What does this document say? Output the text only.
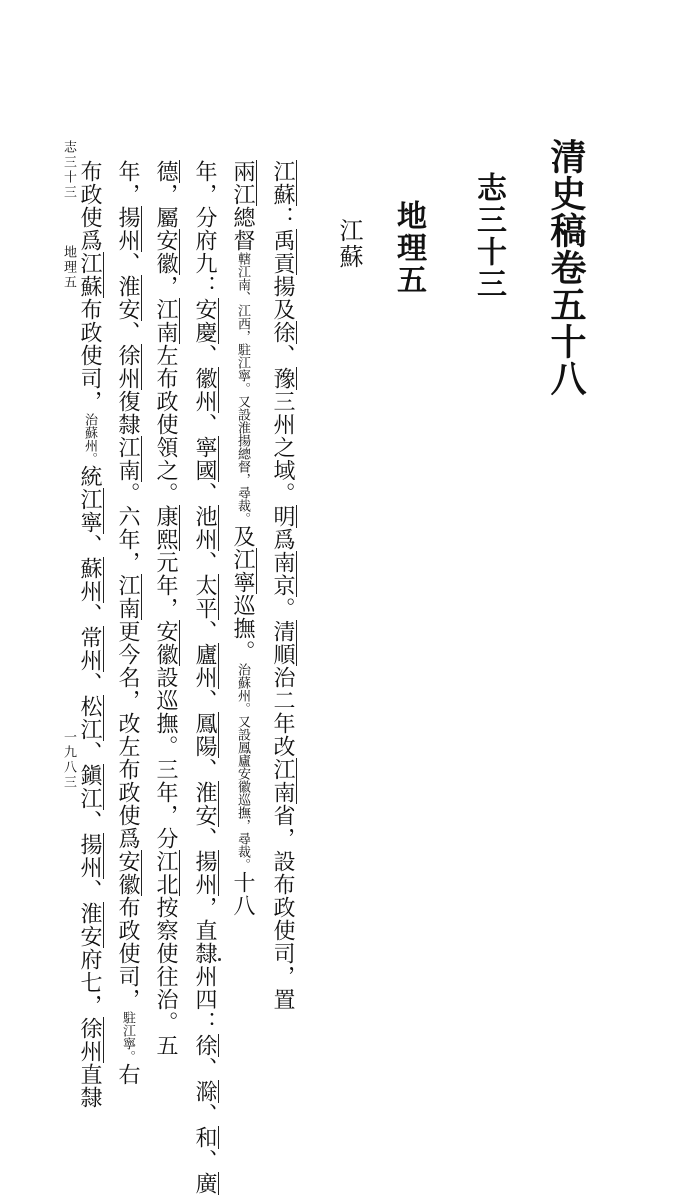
清史稿卷五十八
志三十三
地理五
江蘇
江蘇：禹貢揚及徐、豫三州之域。明爲南京。清順治二年改江南省，設布政使司，置
兩江總督轄江南、江西，駐江寧。又設淮揚總督，尋裁。及江寧巡撫。治蘇州。又設鳳廬安徽巡撫，尋裁。十八
年，分府九：安慶、徽州、寧國、池州、太平、廬州、鳳陽、淮安、揚州，直隸州四：徐、滁、和、廣
德，屬安徽，江南左布政使領之。康熙元年，安徽設巡撫。三年，分江北按察使往治。五
年，揚州、淮安、徐州復隸江南。六年，江南更今名，改左布政使爲安徽布政使司，駐江寧。右
布政使爲江蘇布政使司，治蘇州。統江寧、蘇州、常州、松江、鎭江、揚州、淮安府七，徐州直隸
志三十三
地理五
一九八三
